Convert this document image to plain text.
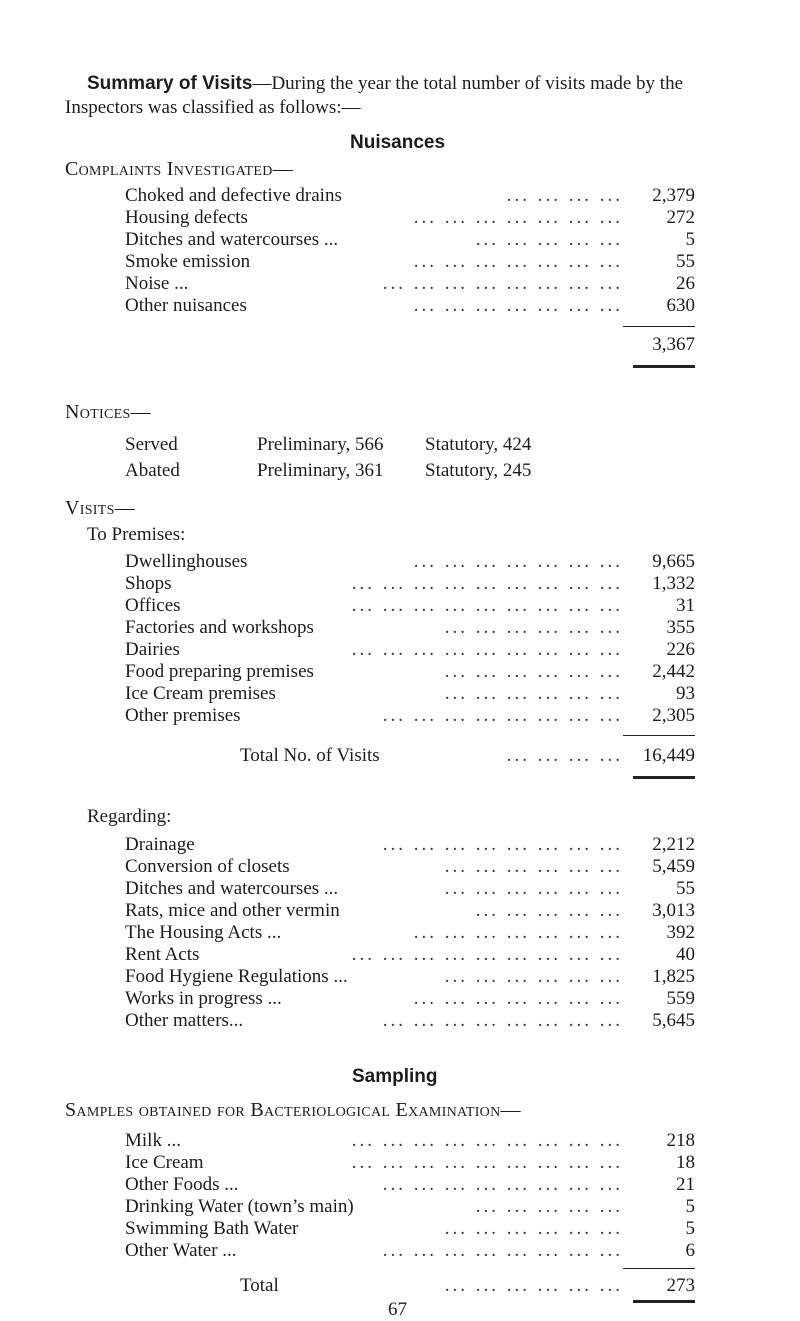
Summary of Visits—During the year the total number of visits made by the
Inspectors was classified as follows:—
Nuisances
Complaints Investigated—
Choked and defective drains	... ... ... ... 2,379
Housing defects	... ... ... ... ... ... ... 272
Ditches and watercourses ...	... ... ... ... ...	5
Smoke emission	... ... ... ... ... ... ...	55
Noise ...	... ... ... ... ... ... ... ...	26
Other nuisances	... ... ... ... ... ... ... 630
3,367
Notices—
Served	Preliminary, 566 Statutory, 424
Abated	Preliminary, 361 Statutory, 245
Visits—
To Premises:
Dwellinghouses	... ... ... ... ... ... ... 9,665
Shops	... ... ... ... ... ... ... ... ... 1,332
Offices	... ... ... ... ... ... ... ... ...	31
Factories and workshops	... ... ... ... ... ... 355
Dairies	... ... ... ... ... ... ... ... ... 226
Food preparing premises	... ... ... ... ... ... 2,442
Ice Cream premises	... ... ... ... ... ...	93
Other premises	... ... ... ... ... ... ... ... 2,305
Total No. of Visits	... ... ... ... 16,449
Regarding:
Drainage	... ... ... ... ... ... ... ... 2,212
Conversion of closets	... ... ... ... ... ... 5,459
Ditches and watercourses ...	... ... ... ... ... ...	55
Rats, mice and other vermin	... ... ... ... ... 3,013
The Housing Acts ...	... ... ... ... ... ... ... 392
Rent Acts	... ... ... ... ... ... ... ... ...	40
Food Hygiene Regulations ...	... ... ... ... ... ... 1,825
Works in progress ...	... ... ... ... ... ... ... 559
Other matters...	... ... ... ... ... ... ... ... 5,645
Sampling
Samples obtained for Bacteriological Examination—
Milk ...	... ... ... ... ... ... ... ... ... 218
Ice Cream	... ... ... ... ... ... ... ... ...	18
Other Foods ...	... ... ... ... ... ... ... ...	21
Drinking Water (town’s main)	... ... ... ... ...	5
Swimming Bath Water	... ... ... ... ... ...	5
Other Water ...	... ... ... ... ... ... ... ...	6
Total	... ... ... ... ... ... 273
67
